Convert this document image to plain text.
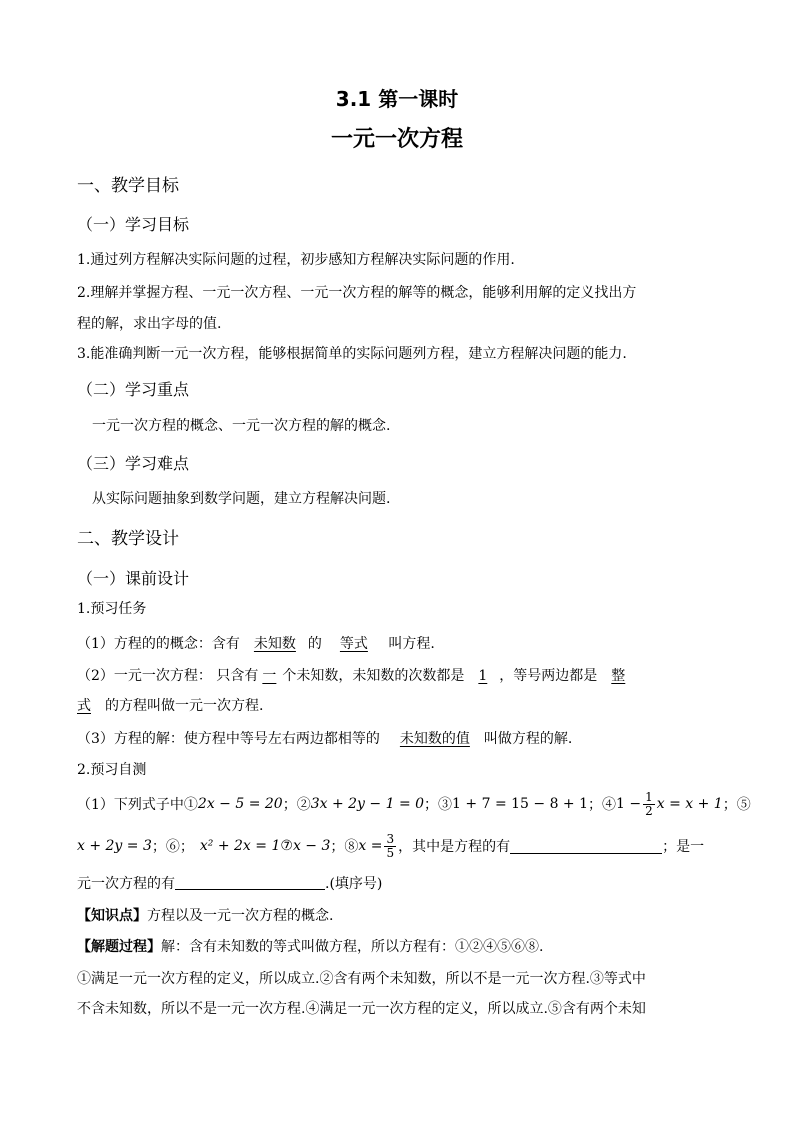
3.1 第一课时
一元一次方程
一、教学目标
（一）学习目标
1.通过列方程解决实际问题的过程，初步感知方程解决实际问题的作用.
2.理解并掌握方程、一元一次方程、一元一次方程的解等的概念，能够利用解的定义找出方
程的解，求出字母的值.
3.能准确判断一元一次方程，能够根据简单的实际问题列方程，建立方程解决问题的能力.
（二）学习重点
一元一次方程的概念、一元一次方程的解的概念.
（三）学习难点
从实际问题抽象到数学问题，建立方程解决问题.
二、教学设计
（一）课前设计
1.预习任务
（1）方程的的概念：含有 未知数 的 等式 叫方程.
（2）一元一次方程： 只含有 一 个未知数，未知数的次数都是 1 ，等号两边都是 整
式 的方程叫做一元一次方程.
（3）方程的解：使方程中等号左右两边都相等的 未知数的值 叫做方程的解.
2.预习自测
（1）下列式子中① 2x − 5 = 20 ；② 3x + 2y − 1 = 0 ；③ 1 + 7 = 15 − 8 + 1 ；④ $1 - \frac{1}{2}$ x = x + 1 ；⑤
x + 2y = 3 ；⑥； x² + 2x = 1 ⑦ x − 3 ；⑧ $x = \frac{3}{5}$ ，其中是方程的有	；是一
元一次方程的有	.(填序号)
【知识点】方程以及一元一次方程的概念.
【解题过程】解：含有未知数的等式叫做方程，所以方程有：①②④⑤⑥⑧.
①满足一元一次方程的定义，所以成立.②含有两个未知数，所以不是一元一次方程.③等式中
不含未知数，所以不是一元一次方程.④满足一元一次方程的定义，所以成立.⑤含有两个未知
